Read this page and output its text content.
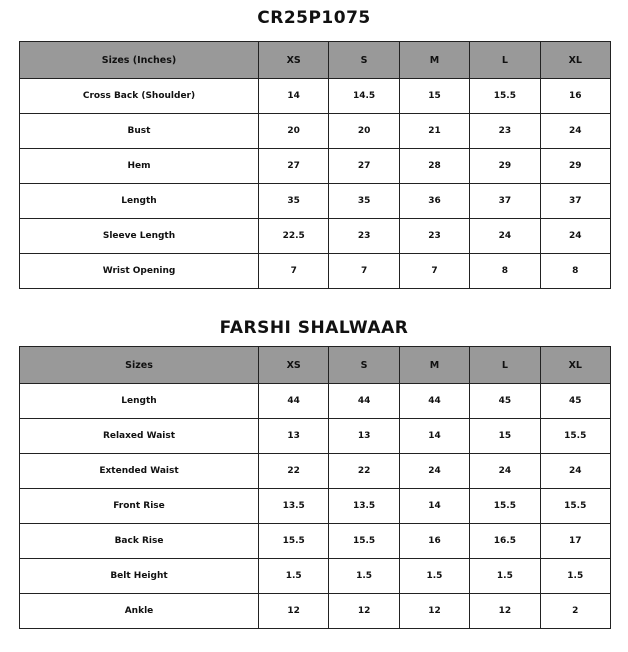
CR25P1075
Sizes (Inches)	XS	S	M	L	XL
Cross Back (Shoulder)	14	14.5	15	15.5	16
Bust	20	20	21	23	24
Hem	27	27	28	29	29
Length	35	35	36	37	37
Sleeve Length	22.5	23	23	24	24
Wrist Opening	7	7	7	8	8
FARSHI SHALWAAR
Sizes	XS	S	M	L	XL
Length	44	44	44	45	45
Relaxed Waist	13	13	14	15	15.5
Extended Waist	22	22	24	24	24
Front Rise	13.5	13.5	14	15.5	15.5
Back Rise	15.5	15.5	16	16.5	17
Belt Height	1.5	1.5	1.5	1.5	1.5
Ankle	12	12	12	12	2
